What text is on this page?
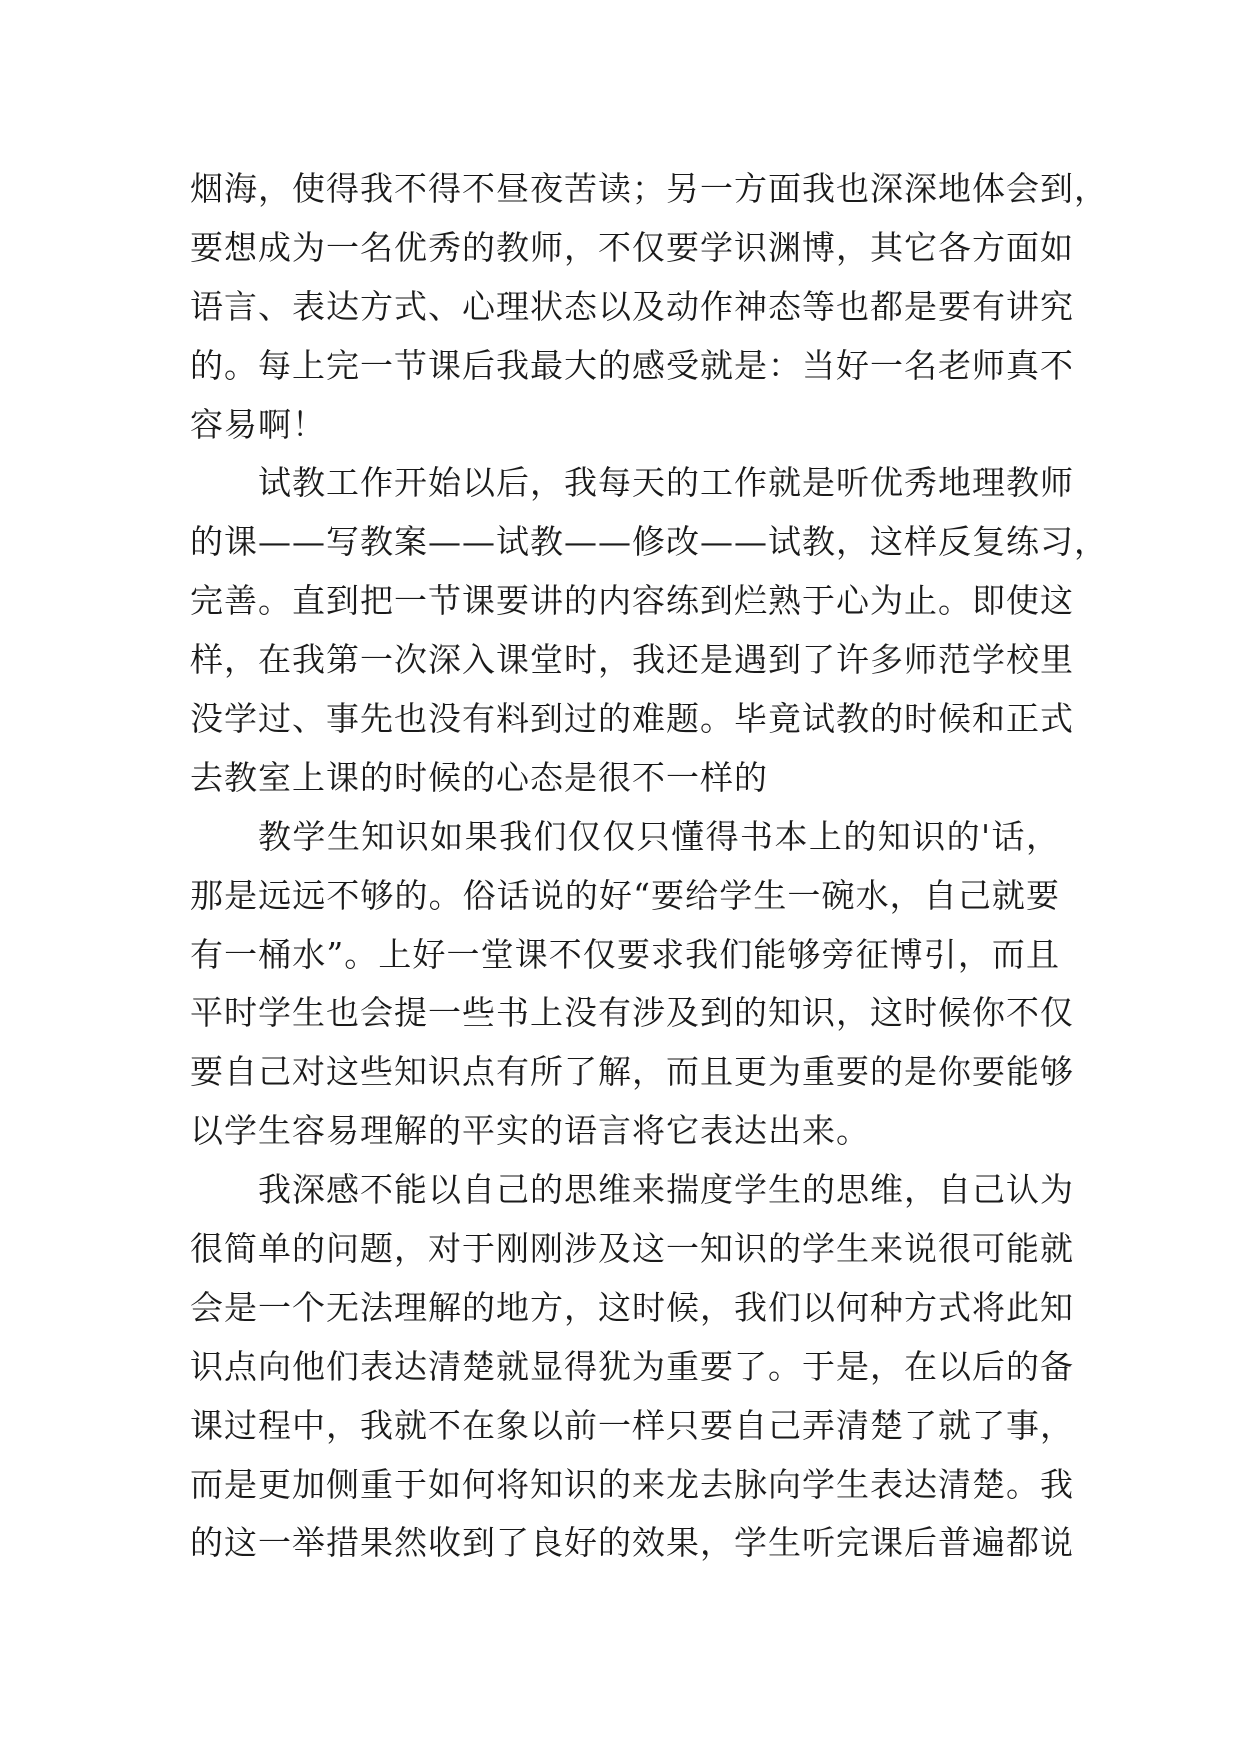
烟海，使得我不得不昼夜苦读；另一方面我也深深地体会到，
要想成为一名优秀的教师，不仅要学识渊博，其它各方面如
语言、表达方式、心理状态以及动作神态等也都是要有讲究
的。每上完一节课后我最大的感受就是：当好一名老师真不
容易啊！
试教工作开始以后，我每天的工作就是听优秀地理教师
的课——写教案——试教——修改——试教，这样反复练习，
完善。直到把一节课要讲的内容练到烂熟于心为止。即使这
样，在我第一次深入课堂时，我还是遇到了许多师范学校里
没学过、事先也没有料到过的难题。毕竟试教的时候和正式
去教室上课的时候的心态是很不一样的
教学生知识如果我们仅仅只懂得书本上的知识的'话，
那是远远不够的。俗话说的好“要给学生一碗水，自己就要
有一桶水”。上好一堂课不仅要求我们能够旁征博引，而且
平时学生也会提一些书上没有涉及到的知识，这时候你不仅
要自己对这些知识点有所了解，而且更为重要的是你要能够
以学生容易理解的平实的语言将它表达出来。
我深感不能以自己的思维来揣度学生的思维，自己认为
很简单的问题，对于刚刚涉及这一知识的学生来说很可能就
会是一个无法理解的地方，这时候，我们以何种方式将此知
识点向他们表达清楚就显得犹为重要了。于是，在以后的备
课过程中，我就不在象以前一样只要自己弄清楚了就了事，
而是更加侧重于如何将知识的来龙去脉向学生表达清楚。我
的这一举措果然收到了良好的效果，学生听完课后普遍都说
